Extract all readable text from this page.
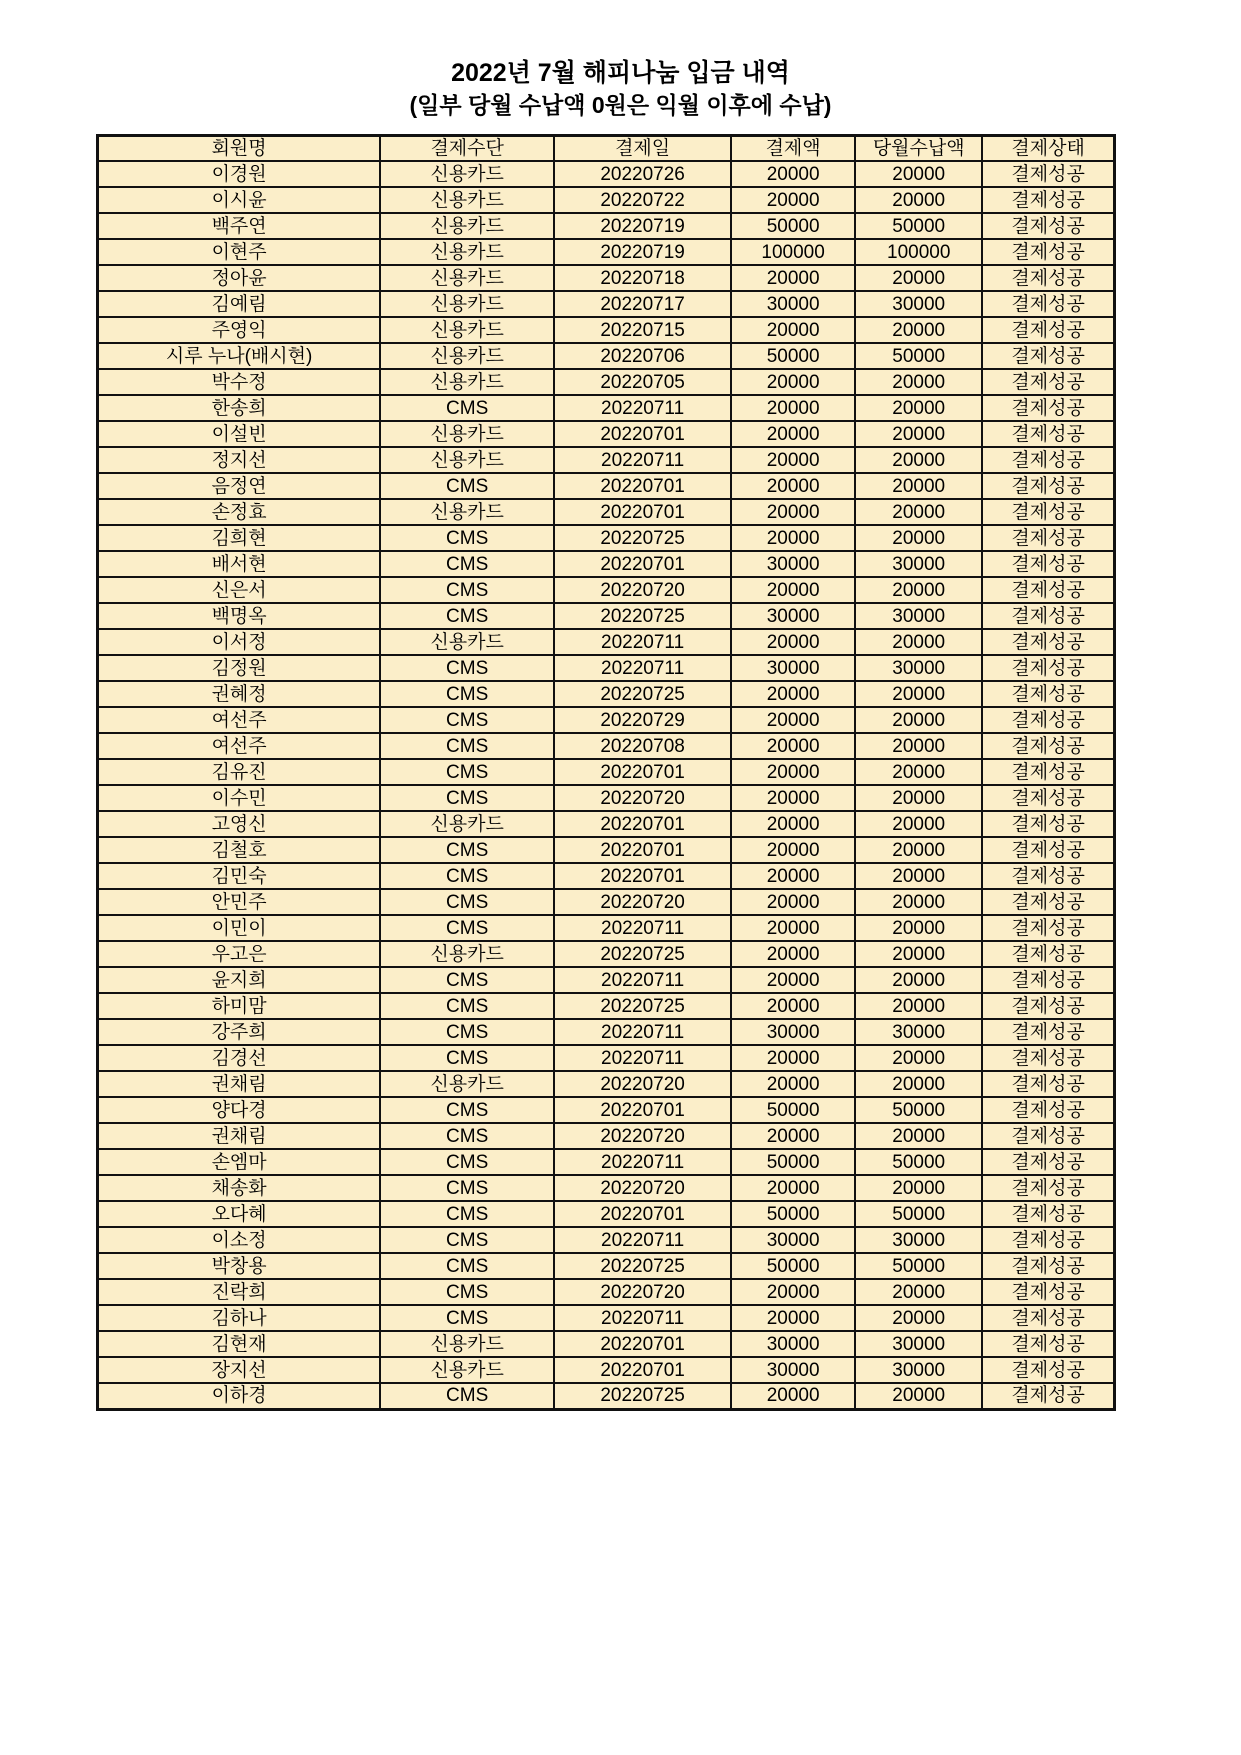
2022년 7월 해피나눔 입금 내역
(일부 당월 수납액 0원은 익월 이후에 수납)
회원명	결제수단	결제일	결제액	당월수납액	결제상태
이경원	신용카드	20220726	20000	20000	결제성공
이시윤	신용카드	20220722	20000	20000	결제성공
백주연	신용카드	20220719	50000	50000	결제성공
이현주	신용카드	20220719	100000	100000	결제성공
정아윤	신용카드	20220718	20000	20000	결제성공
김예림	신용카드	20220717	30000	30000	결제성공
주영익	신용카드	20220715	20000	20000	결제성공
시루 누나(배시현)	신용카드	20220706	50000	50000	결제성공
박수정	신용카드	20220705	20000	20000	결제성공
한송희	CMS	20220711	20000	20000	결제성공
이설빈	신용카드	20220701	20000	20000	결제성공
정지선	신용카드	20220711	20000	20000	결제성공
음정연	CMS	20220701	20000	20000	결제성공
손정효	신용카드	20220701	20000	20000	결제성공
김희현	CMS	20220725	20000	20000	결제성공
배서현	CMS	20220701	30000	30000	결제성공
신은서	CMS	20220720	20000	20000	결제성공
백명옥	CMS	20220725	30000	30000	결제성공
이서정	신용카드	20220711	20000	20000	결제성공
김정원	CMS	20220711	30000	30000	결제성공
권혜정	CMS	20220725	20000	20000	결제성공
여선주	CMS	20220729	20000	20000	결제성공
여선주	CMS	20220708	20000	20000	결제성공
김유진	CMS	20220701	20000	20000	결제성공
이수민	CMS	20220720	20000	20000	결제성공
고영신	신용카드	20220701	20000	20000	결제성공
김철호	CMS	20220701	20000	20000	결제성공
김민숙	CMS	20220701	20000	20000	결제성공
안민주	CMS	20220720	20000	20000	결제성공
이민이	CMS	20220711	20000	20000	결제성공
우고은	신용카드	20220725	20000	20000	결제성공
윤지희	CMS	20220711	20000	20000	결제성공
하미맘	CMS	20220725	20000	20000	결제성공
강주희	CMS	20220711	30000	30000	결제성공
김경선	CMS	20220711	20000	20000	결제성공
권채림	신용카드	20220720	20000	20000	결제성공
양다경	CMS	20220701	50000	50000	결제성공
권채림	CMS	20220720	20000	20000	결제성공
손엠마	CMS	20220711	50000	50000	결제성공
채송화	CMS	20220720	20000	20000	결제성공
오다혜	CMS	20220701	50000	50000	결제성공
이소정	CMS	20220711	30000	30000	결제성공
박창용	CMS	20220725	50000	50000	결제성공
진락희	CMS	20220720	20000	20000	결제성공
김하나	CMS	20220711	20000	20000	결제성공
김현재	신용카드	20220701	30000	30000	결제성공
장지선	신용카드	20220701	30000	30000	결제성공
이하경	CMS	20220725	20000	20000	결제성공
